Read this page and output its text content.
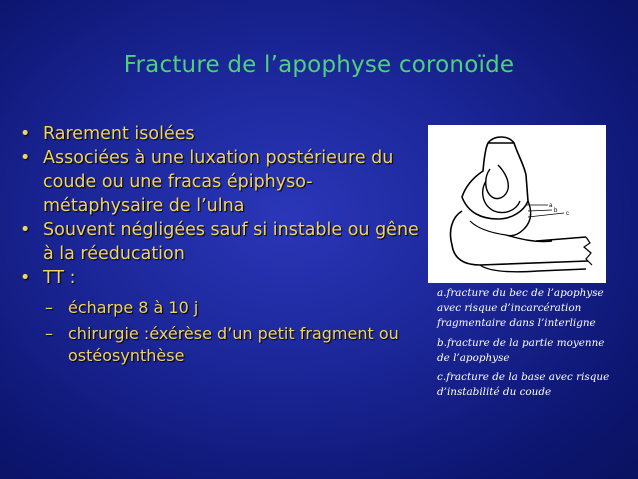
Fracture de l’apophyse coronoïde
• Rarement isolées
• Associées à une luxation postérieure du coude ou une fracas épiphyso-métaphysaire de l’ulna
• Souvent négligées sauf si instable ou gêne à la réeducation
• TT :
– écharpe 8 à 10 j
– chirurgie :éxérèse d’un petit fragment ou ostéosynthèse
a
b c
a.fracture du bec de l’apophyse avec risque d’incarcération fragmentaire dans l’interligne
b.fracture de la partie moyenne de l’apophyse
c.fracture de la base avec risque d’instabilité du coude
